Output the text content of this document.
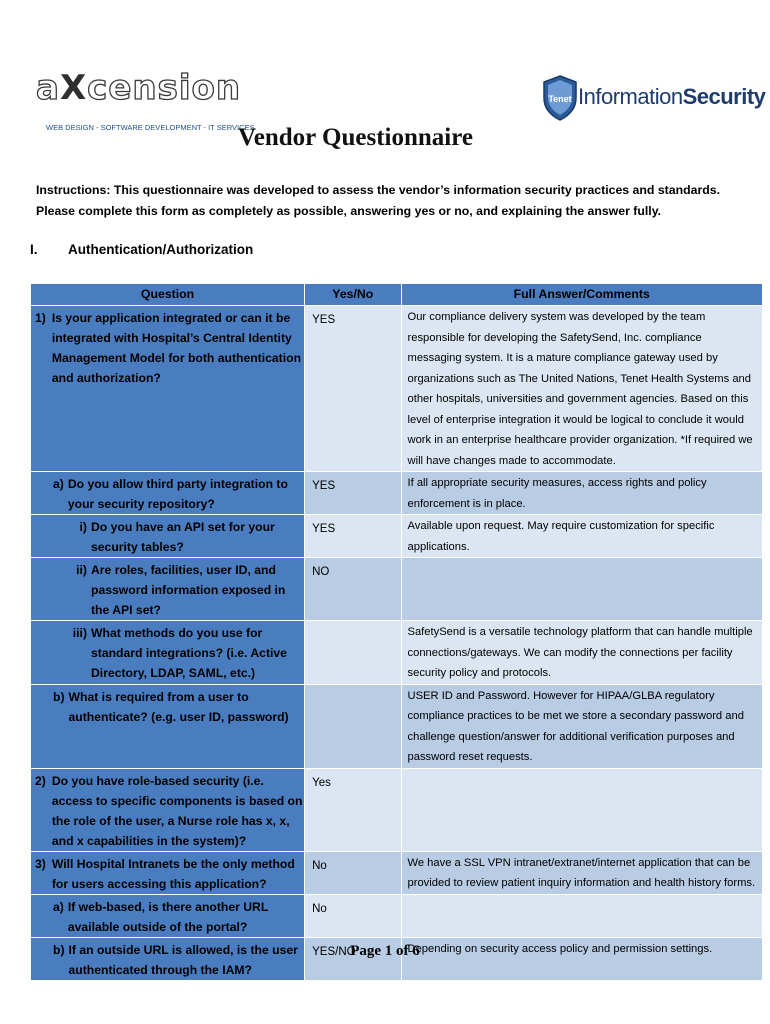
aXcension
WEB DESIGN - SOFTWARE DEVELOPMENT - IT SERVICES
Tenet InformationSecurity
Vendor Questionnaire
Instructions: This questionnaire was developed to assess the vendor’s information security practices and standards. Please complete this form as completely as possible, answering yes or no, and explaining the answer fully.
I. Authentication/Authorization
Question	Yes/No	Full Answer/Comments

1) Is your application integrated or can it be integrated with Hospital’s Central Identity Management Model for both authentication and authorization?	YES	Our compliance delivery system was developed by the team responsible for developing the SafetySend, Inc. compliance messaging system. It is a mature compliance gateway used by organizations such as The United Nations, Tenet Health Systems and other hospitals, universities and government agencies. Based on this level of enterprise integration it would be logical to conclude it would work in an enterprise healthcare provider organization. *If required we will have changes made to accommodate.

a) Do you allow third party integration to your security repository?	YES	If all appropriate security measures, access rights and policy enforcement is in place.

i) Do you have an API set for your security tables?	YES	Available upon request. May require customization for specific applications.

ii) Are roles, facilities, user ID, and password information exposed in the API set?	NO	

iii) What methods do you use for standard integrations? (i.e. Active Directory, LDAP, SAML, etc.)		SafetySend is a versatile technology platform that can handle multiple connections/gateways. We can modify the connections per facility security policy and protocols.

b) What is required from a user to authenticate? (e.g. user ID, password)		USER ID and Password. However for HIPAA/GLBA regulatory compliance practices to be met we store a secondary password and challenge question/answer for additional verification purposes and password reset requests.

2) Do you have role-based security (i.e. access to specific components is based on the role of the user, a Nurse role has x, x, and x capabilities in the system)?	Yes	

3) Will Hospital Intranets be the only method for users accessing this application?	No	We have a SSL VPN intranet/extranet/internet application that can be provided to review patient inquiry information and health history forms.

a) If web-based, is there another URL available outside of the portal?	No	

b) If an outside URL is allowed, is the user authenticated through the IAM?	YES/NO	Depending on security access policy and permission settings.
Page 1 of 6
